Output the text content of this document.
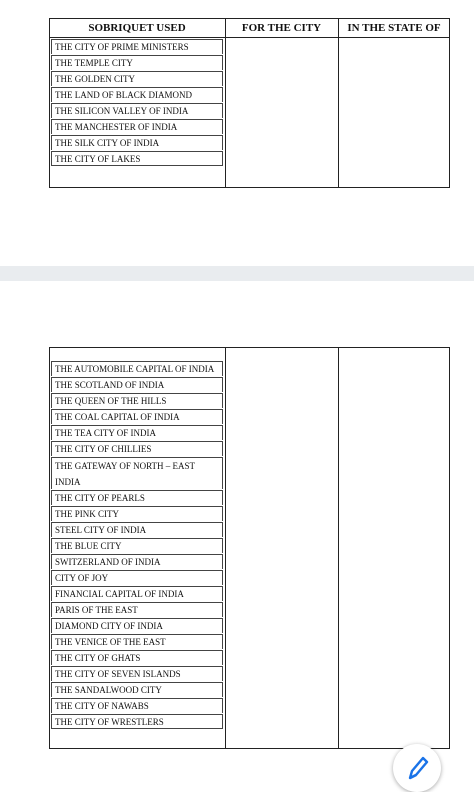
SOBRIQUET USED	FOR THE CITY	IN THE STATE OF
THE CITY OF PRIME MINISTERS
THE TEMPLE CITY
THE GOLDEN CITY
THE LAND OF BLACK DIAMOND
THE SILICON VALLEY OF INDIA
THE MANCHESTER OF INDIA
THE SILK CITY OF INDIA
THE CITY OF LAKES
THE AUTOMOBILE CAPITAL OF INDIA
THE SCOTLAND OF INDIA
THE QUEEN OF THE HILLS
THE COAL CAPITAL OF INDIA
THE TEA CITY OF INDIA
THE CITY OF CHILLIES
THE GATEWAY OF NORTH – EAST INDIA
THE CITY OF PEARLS
THE PINK CITY
STEEL CITY OF INDIA
THE BLUE CITY
SWITZERLAND OF INDIA
CITY OF JOY
FINANCIAL CAPITAL OF INDIA
PARIS OF THE EAST
DIAMOND CITY OF INDIA
THE VENICE OF THE EAST
THE CITY OF GHATS
THE CITY OF SEVEN ISLANDS
THE SANDALWOOD CITY
THE CITY OF NAWABS
THE CITY OF WRESTLERS
